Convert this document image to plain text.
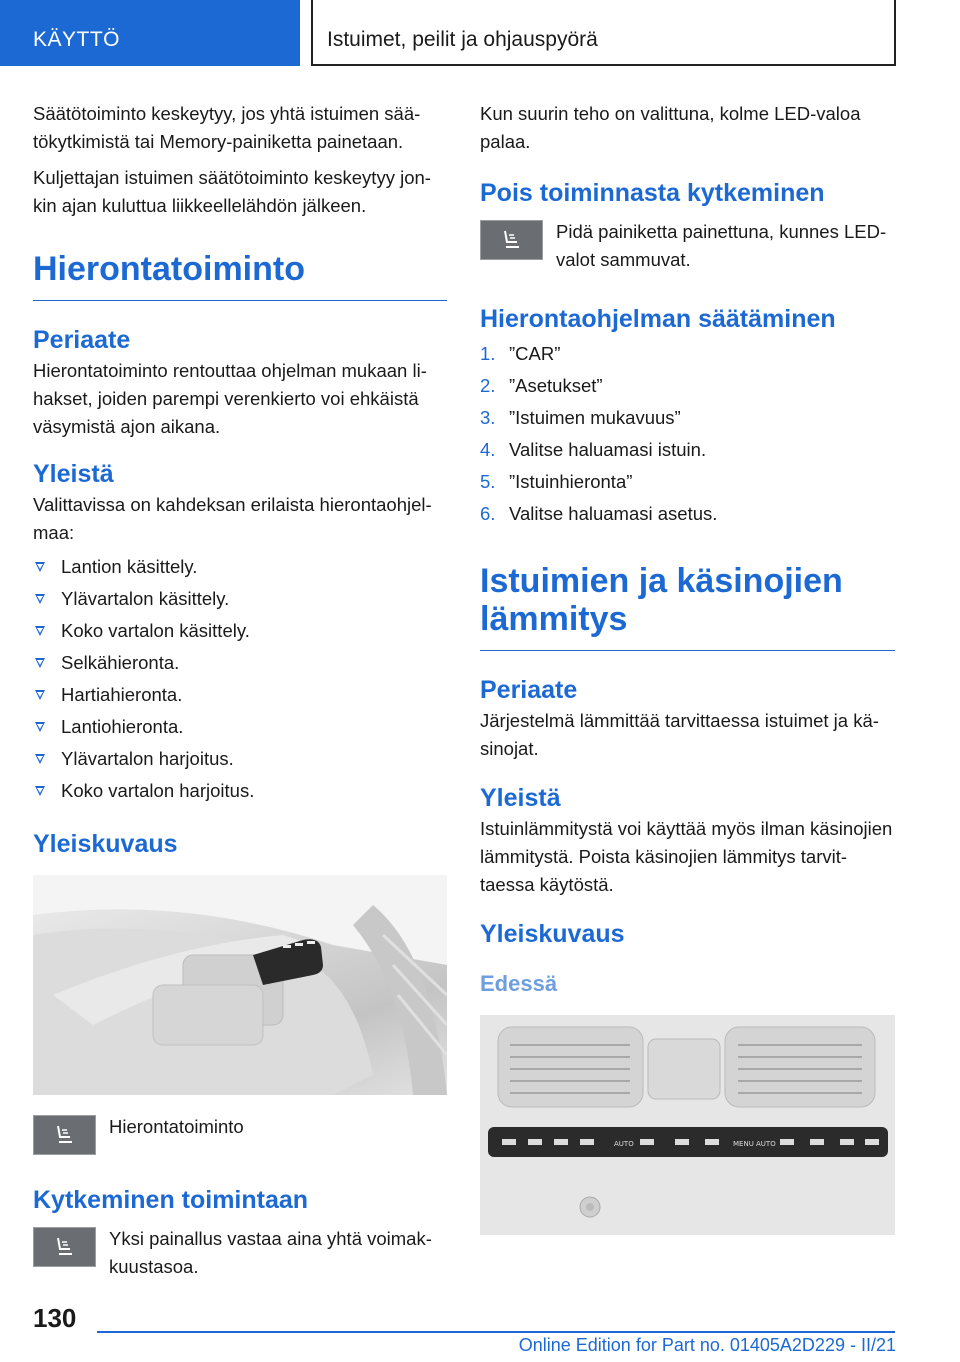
KÄYTTÖ	Istuimet, peilit ja ohjauspyörä

Säätötoiminto keskeytyy, jos yhtä istuimen säätökytkimistä tai Memory-painiketta painetaan.

Kuljettajan istuimen säätötoiminto keskeytyy jonkin ajan kuluttua liikkeellelähdön jälkeen.

Hierontatoiminto
Periaate

Hierontatoiminto rentouttaa ohjelman mukaan lihakset, joiden parempi verenkierto voi ehkäistä väsymistä ajon aikana.

Yleistä

Valittavissa on kahdeksan erilaista hierontaohjelmaa:

Lantion käsittely.
Ylävartalon käsittely.
Koko vartalon käsittely.
Selkähieronta.
Hartiahieronta.
Lantiohieronta.
Ylävartalon harjoitus.
Koko vartalon harjoitus.
Yleiskuvaus
Hierontatoiminto
Kytkeminen toimintaan
Yksi painallus vastaa aina yhtä voimakkuustasoa.

Kun suurin teho on valittuna, kolme LED-valoa palaa.

Pois toiminnasta kytkeminen
Pidä painiketta painettuna, kunnes LED-valot sammuvat.
Hierontaohjelman säätäminen
1. ”CAR”
2. ”Asetukset”
3. ”Istuimen mukavuus”
4. Valitse haluamasi istuin.
5. ”Istuinhieronta”
6. Valitse haluamasi asetus.
Istuimien ja käsinojien lämmitys
Periaate

Järjestelmä lämmittää tarvittaessa istuimet ja käsinojat.

Yleistä

Istuinlämmitystä voi käyttää myös ilman käsinojien lämmitystä. Poista käsinojien lämmitys tarvittaessa käytöstä.

Yleiskuvaus
Edessä
AUTO	MENU AUTO
130
Online Edition for Part no. 01405A2D229 - II/21
